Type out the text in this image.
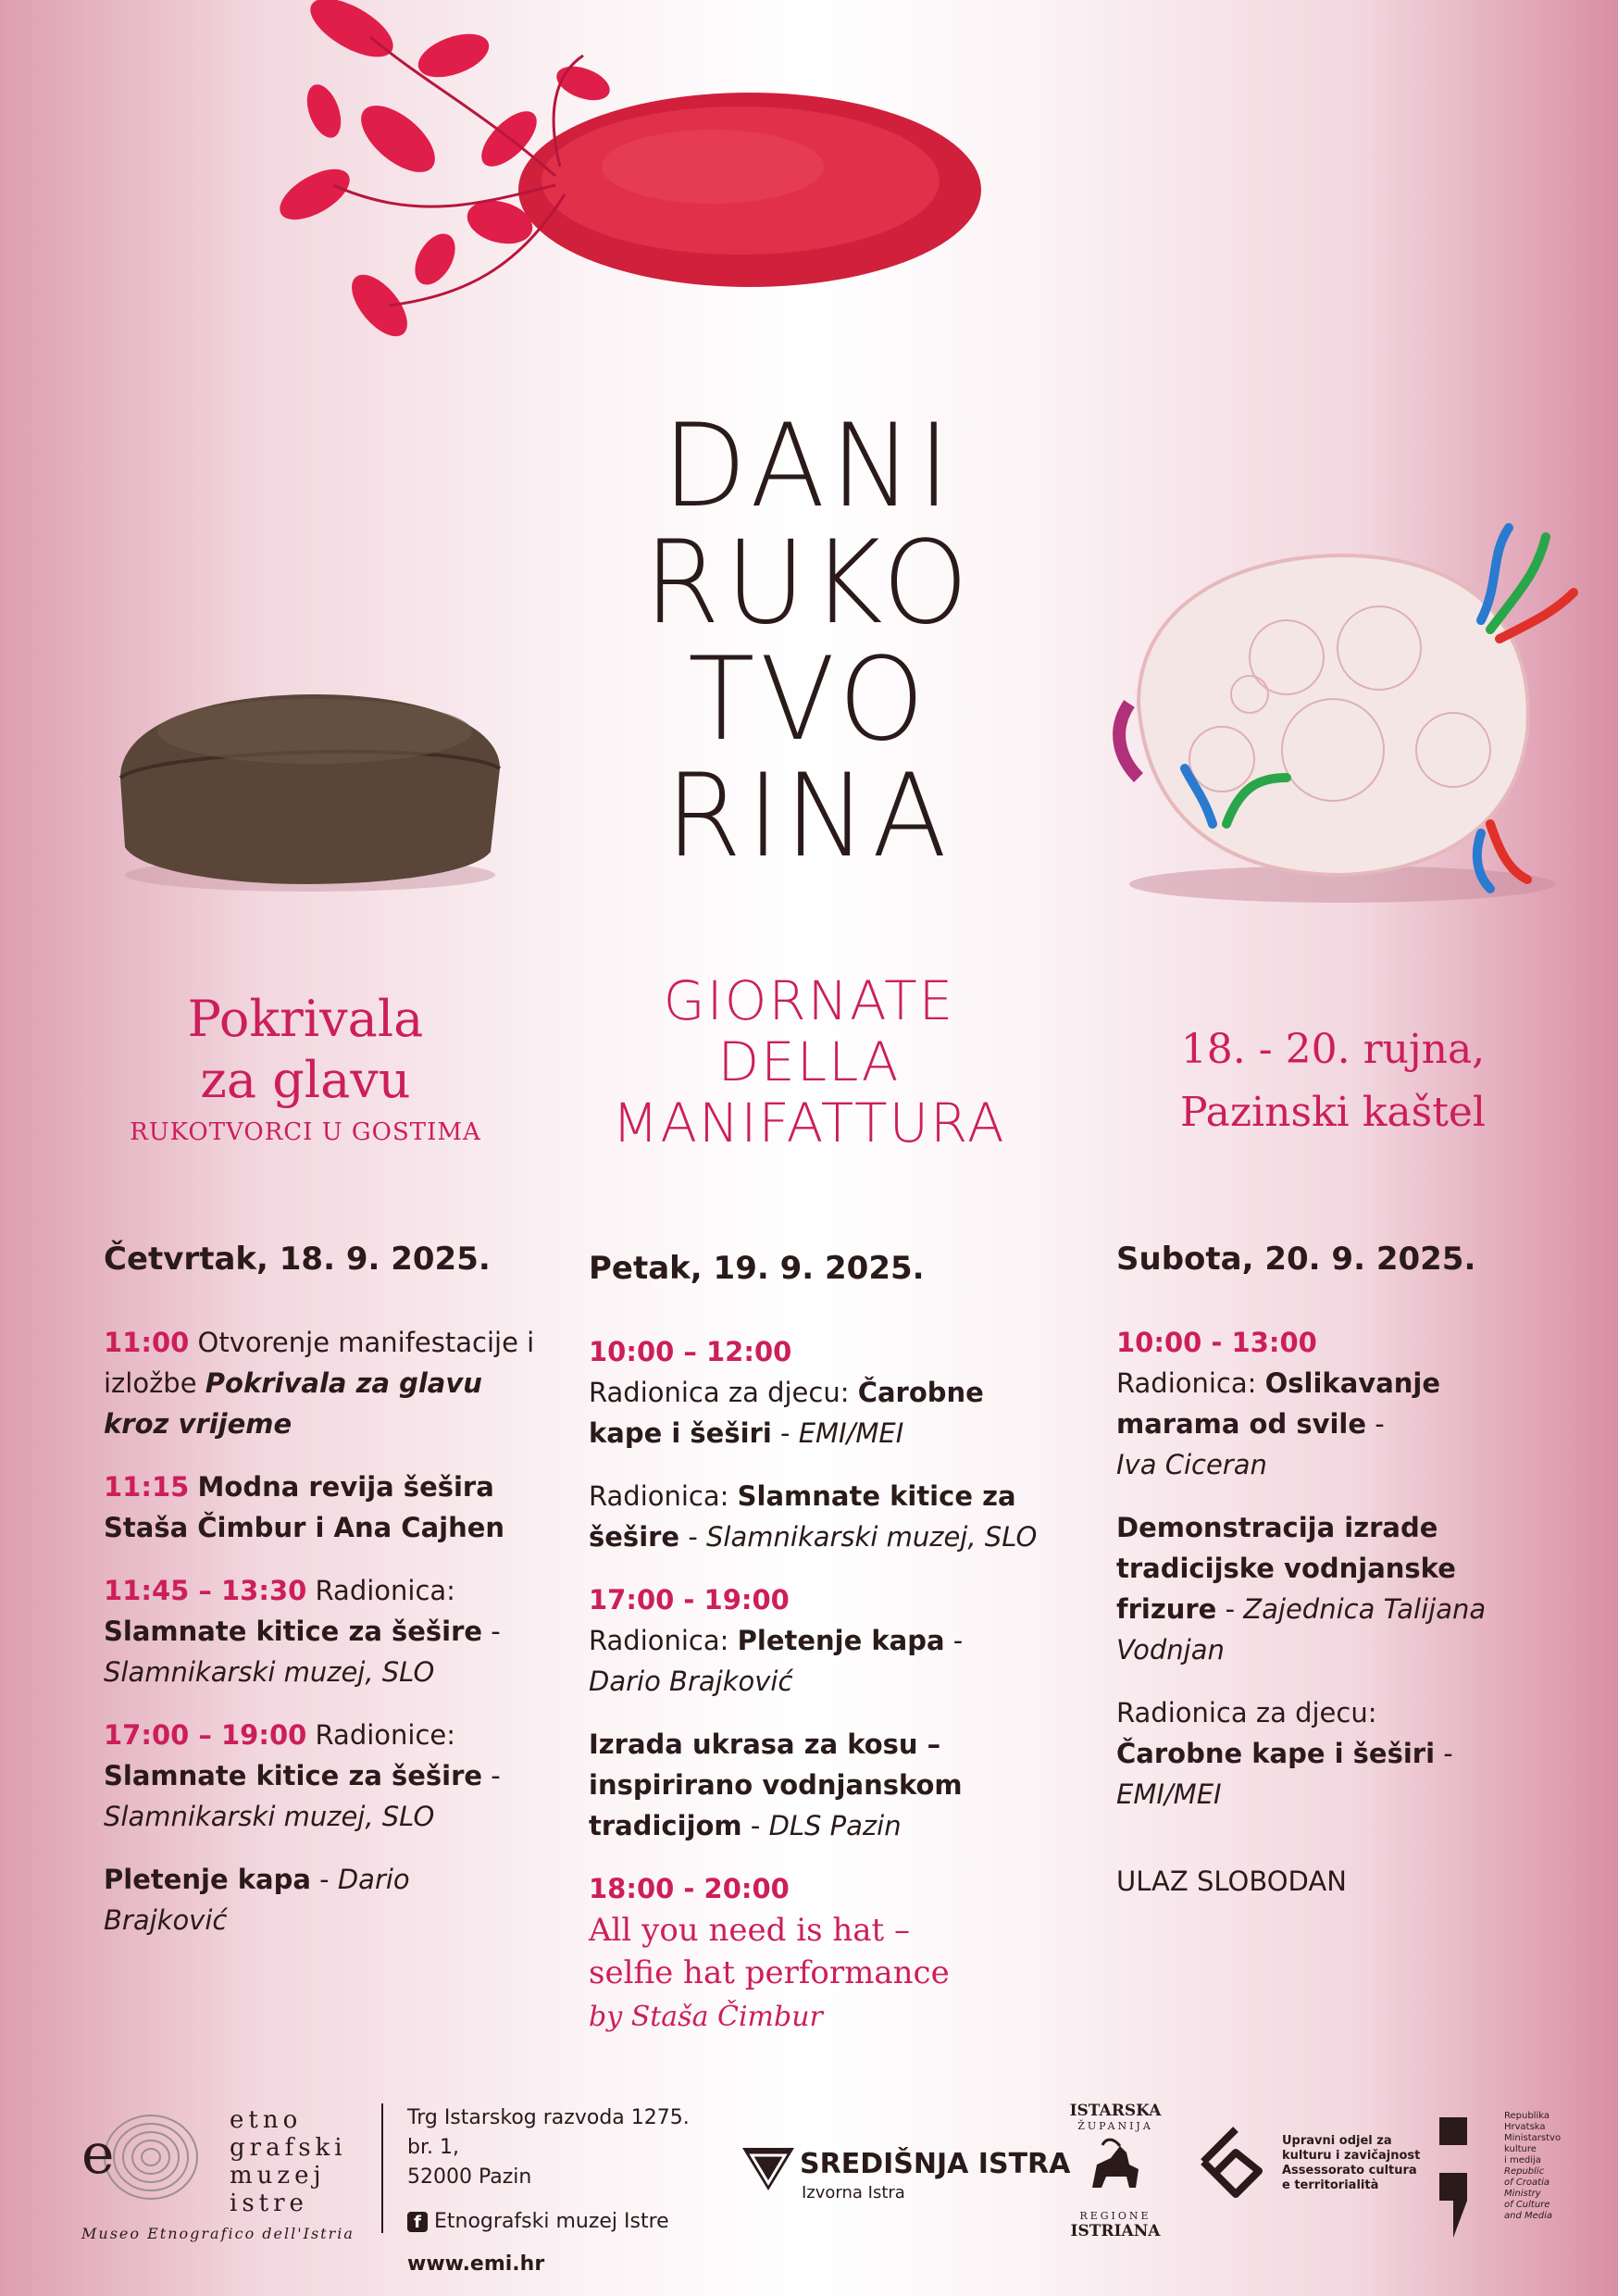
DANI
RUKO
TVO
RINA
GIORNATE
DELLA
MANIFATTURA
Pokrivala
za glavu
RUKOTVORCI U GOSTIMA
18. - 20. rujna,
Pazinski kaštel
Četvrtak, 18. 9. 2025.
11:00 Otvorenje manifestacije i izložbe Pokrivala za glavu kroz vrijeme
11:15 Modna revija šešira Staša Čimbur i Ana Cajhen
11:45 – 13:30 Radionica:
Slamnate kitice za šešire -
Slamnikarski muzej, SLO
17:00 – 19:00 Radionice:
Slamnate kitice za šešire -
Slamnikarski muzej, SLO
Pletenje kapa - Dario Brajković
Petak, 19. 9. 2025.
10:00 – 12:00
Radionica za djecu: Čarobne kape i šeširi - EMI/MEI
Radionica: Slamnate kitice za šešire - Slamnikarski muzej, SLO
17:00 - 19:00
Radionica: Pletenje kapa -
Dario Brajković
Izrada ukrasa za kosu – inspirirano vodnjanskom tradicijom - DLS Pazin
18:00 - 20:00
All you need is hat –
selfie hat performance
by Staša Čimbur
Subota, 20. 9. 2025.
10:00 - 13:00
Radionica: Oslikavanje marama od svile -
Iva Ciceran
Demonstracija izrade tradicijske vodnjanske frizure - Zajednica Talijana Vodnjan
Radionica za djecu:
Čarobne kape i šeširi -
EMI/MEI
ULAZ SLOBODAN
e
etno
grafski
muzej
istre
Museo Etnografico dell'Istria
Trg Istarskog razvoda 1275. br. 1,
52000 Pazin
f Etnografski muzej Istre
www.emi.hr
SREDIŠNJA ISTRA
Izvorna Istra
ISTARSKA
ŽUPANIJA
REGIONE
ISTRIANA
Upravni odjel za
kulturu i zavičajnost
Assessorato cultura
e territorialità
Republika
Hrvatska
Ministarstvo
kulture
i medija
Republic
of Croatia
Ministry
of Culture
and Media
